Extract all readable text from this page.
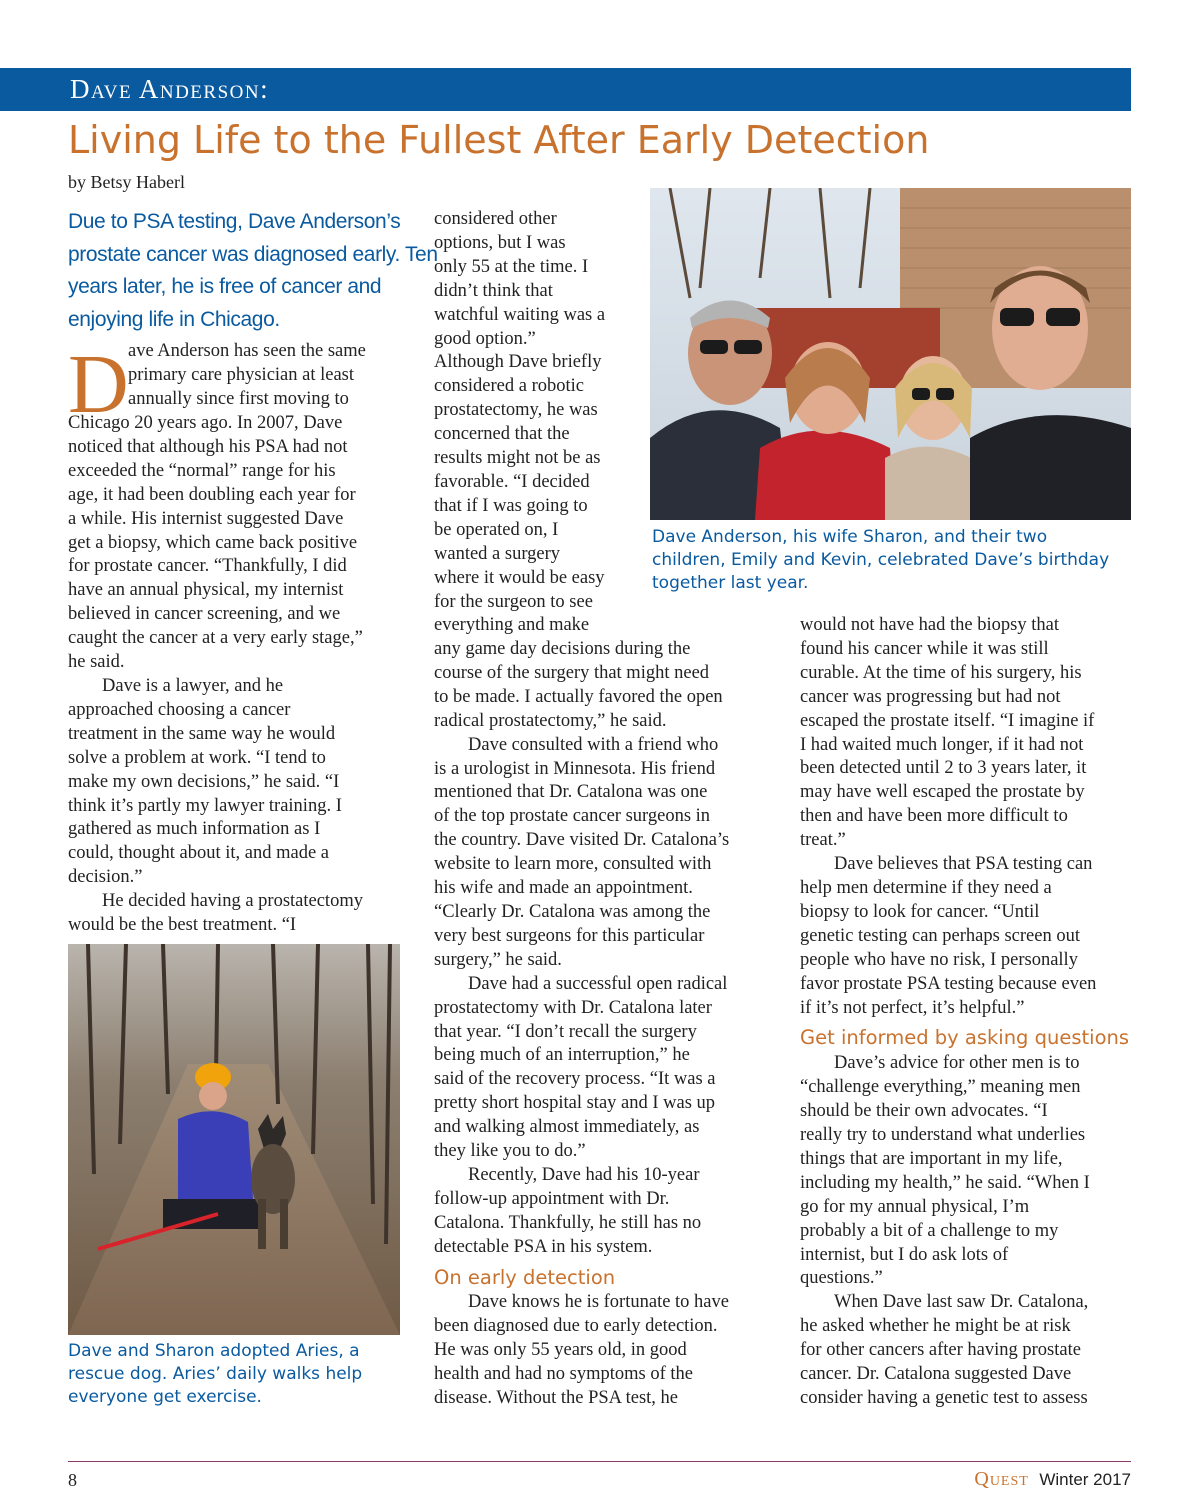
Dave Anderson:
Living Life to the Fullest After Early Detection
by Betsy Haberl
Due to PSA testing, Dave Anderson’s
prostate cancer was diagnosed early. Ten
years later, he is free of cancer and
enjoying life in Chicago.
D ave Anderson has seen the same
primary care physician at least
annually since first moving to
Chicago 20 years ago. In 2007, Dave
noticed that although his PSA had not
exceeded the “normal” range for his
age, it had been doubling each year for
a while. His internist suggested Dave
get a biopsy, which came back positive
for prostate cancer. “Thankfully, I did
have an annual physical, my internist
believed in cancer screening, and we
caught the cancer at a very early stage,”
he said.
Dave is a lawyer, and he
approached choosing a cancer
treatment in the same way he would
solve a problem at work. “I tend to
make my own decisions,” he said. “I
think it’s partly my lawyer training. I
gathered as much information as I
could, thought about it, and made a
decision.”
He decided having a prostatectomy
would be the best treatment. “I
Dave and Sharon adopted Aries, a
rescue dog. Aries’ daily walks help
everyone get exercise.
considered other
options, but I was
only 55 at the time. I
didn’t think that
watchful waiting was a
good option.”
Although Dave briefly
considered a robotic
prostatectomy, he was
concerned that the
results might not be as
favorable. “I decided
that if I was going to
be operated on, I
wanted a surgery
where it would be easy
for the surgeon to see
everything and make
any game day decisions during the
course of the surgery that might need
to be made. I actually favored the open
radical prostatectomy,” he said.
Dave consulted with a friend who
is a urologist in Minnesota. His friend
mentioned that Dr. Catalona was one
of the top prostate cancer surgeons in
the country. Dave visited Dr. Catalona’s
website to learn more, consulted with
his wife and made an appointment.
“Clearly Dr. Catalona was among the
very best surgeons for this particular
surgery,” he said.
Dave had a successful open radical
prostatectomy with Dr. Catalona later
that year. “I don’t recall the surgery
being much of an interruption,” he
said of the recovery process. “It was a
pretty short hospital stay and I was up
and walking almost immediately, as
they like you to do.”
Recently, Dave had his 10-year
follow-up appointment with Dr.
Catalona. Thankfully, he still has no
detectable PSA in his system.
On early detection
Dave knows he is fortunate to have
been diagnosed due to early detection.
He was only 55 years old, in good
health and had no symptoms of the
disease. Without the PSA test, he
Dave Anderson, his wife Sharon, and their two
children, Emily and Kevin, celebrated Dave’s birthday
together last year.
would not have had the biopsy that
found his cancer while it was still
curable. At the time of his surgery, his
cancer was progressing but had not
escaped the prostate itself. “I imagine if
I had waited much longer, if it had not
been detected until 2 to 3 years later, it
may have well escaped the prostate by
then and have been more difficult to
treat.”
Dave believes that PSA testing can
help men determine if they need a
biopsy to look for cancer. “Until
genetic testing can perhaps screen out
people who have no risk, I personally
favor prostate PSA testing because even
if it’s not perfect, it’s helpful.”
Get informed by asking questions
Dave’s advice for other men is to
“challenge everything,” meaning men
should be their own advocates. “I
really try to understand what underlies
things that are important in my life,
including my health,” he said. “When I
go for my annual physical, I’m
probably a bit of a challenge to my
internist, but I do ask lots of
questions.”
When Dave last saw Dr. Catalona,
he asked whether he might be at risk
for other cancers after having prostate
cancer. Dr. Catalona suggested Dave
consider having a genetic test to assess
8	Quest Winter 2017
